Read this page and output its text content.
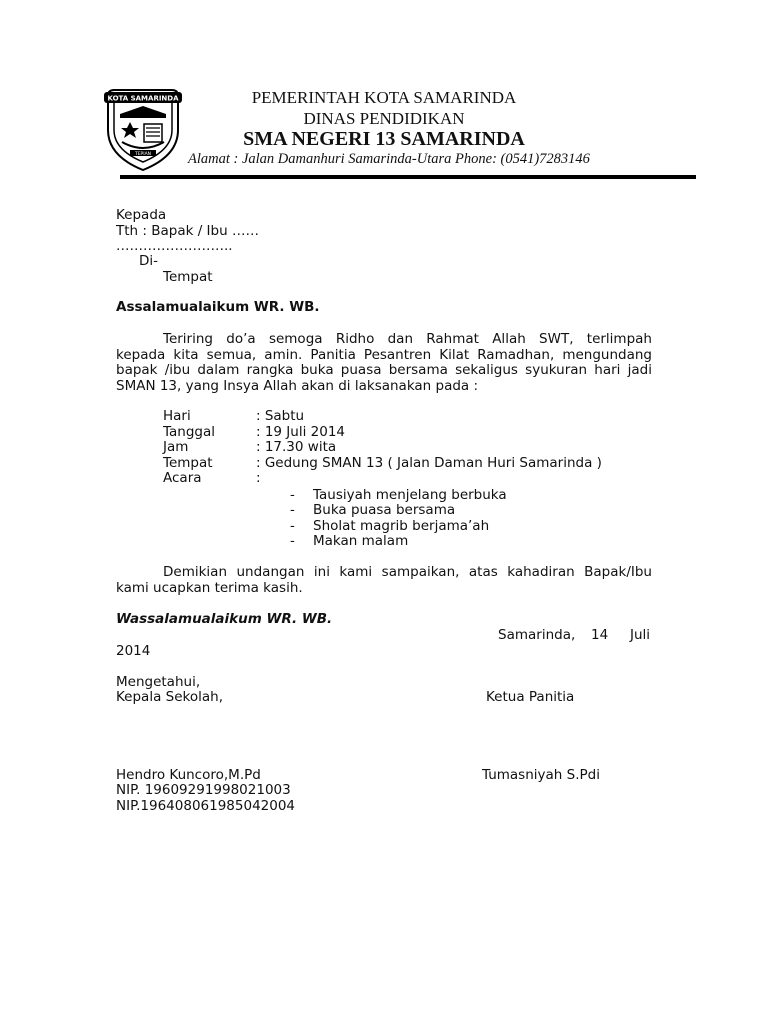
KOTA SAMARINDA
TEPIAN
PEMERINTAH KOTA SAMARINDA
DINAS PENDIDIKAN
SMA NEGERI 13 SAMARINDA
Alamat : Jalan Damanhuri Samarinda-Utara Phone: (0541)7283146
Kepada
Tth : Bapak / Ibu ……
……………………..
Di-
Tempat
Assalamualaikum WR. WB.
Teriring do’a semoga Ridho dan Rahmat Allah SWT, terlimpah
kepada kita semua, amin. Panitia Pesantren Kilat Ramadhan, mengundang
bapak /ibu dalam rangka buka puasa bersama sekaligus syukuran hari jadi
SMAN 13, yang Insya Allah akan di laksanakan pada :
Hari	: Sabtu
Tanggal	: 19 Juli 2014
Jam	: 17.30 wita
Tempat	: Gedung SMAN 13 ( Jalan Daman Huri Samarinda )
Acara	:
- Tausiyah menjelang berbuka
- Buka puasa bersama
- Sholat magrib berjama’ah
- Makan malam
Demikian undangan ini kami sampaikan, atas kahadiran Bapak/Ibu
kami ucapkan terima kasih.
Wassalamualaikum WR. WB.
Samarinda, 14 Juli
2014
Mengetahui,
Kepala Sekolah,	Ketua Panitia
Hendro Kuncoro,M.Pd	Tumasniyah S.Pdi
NIP. 19609291998021003
NIP.196408061985042004
